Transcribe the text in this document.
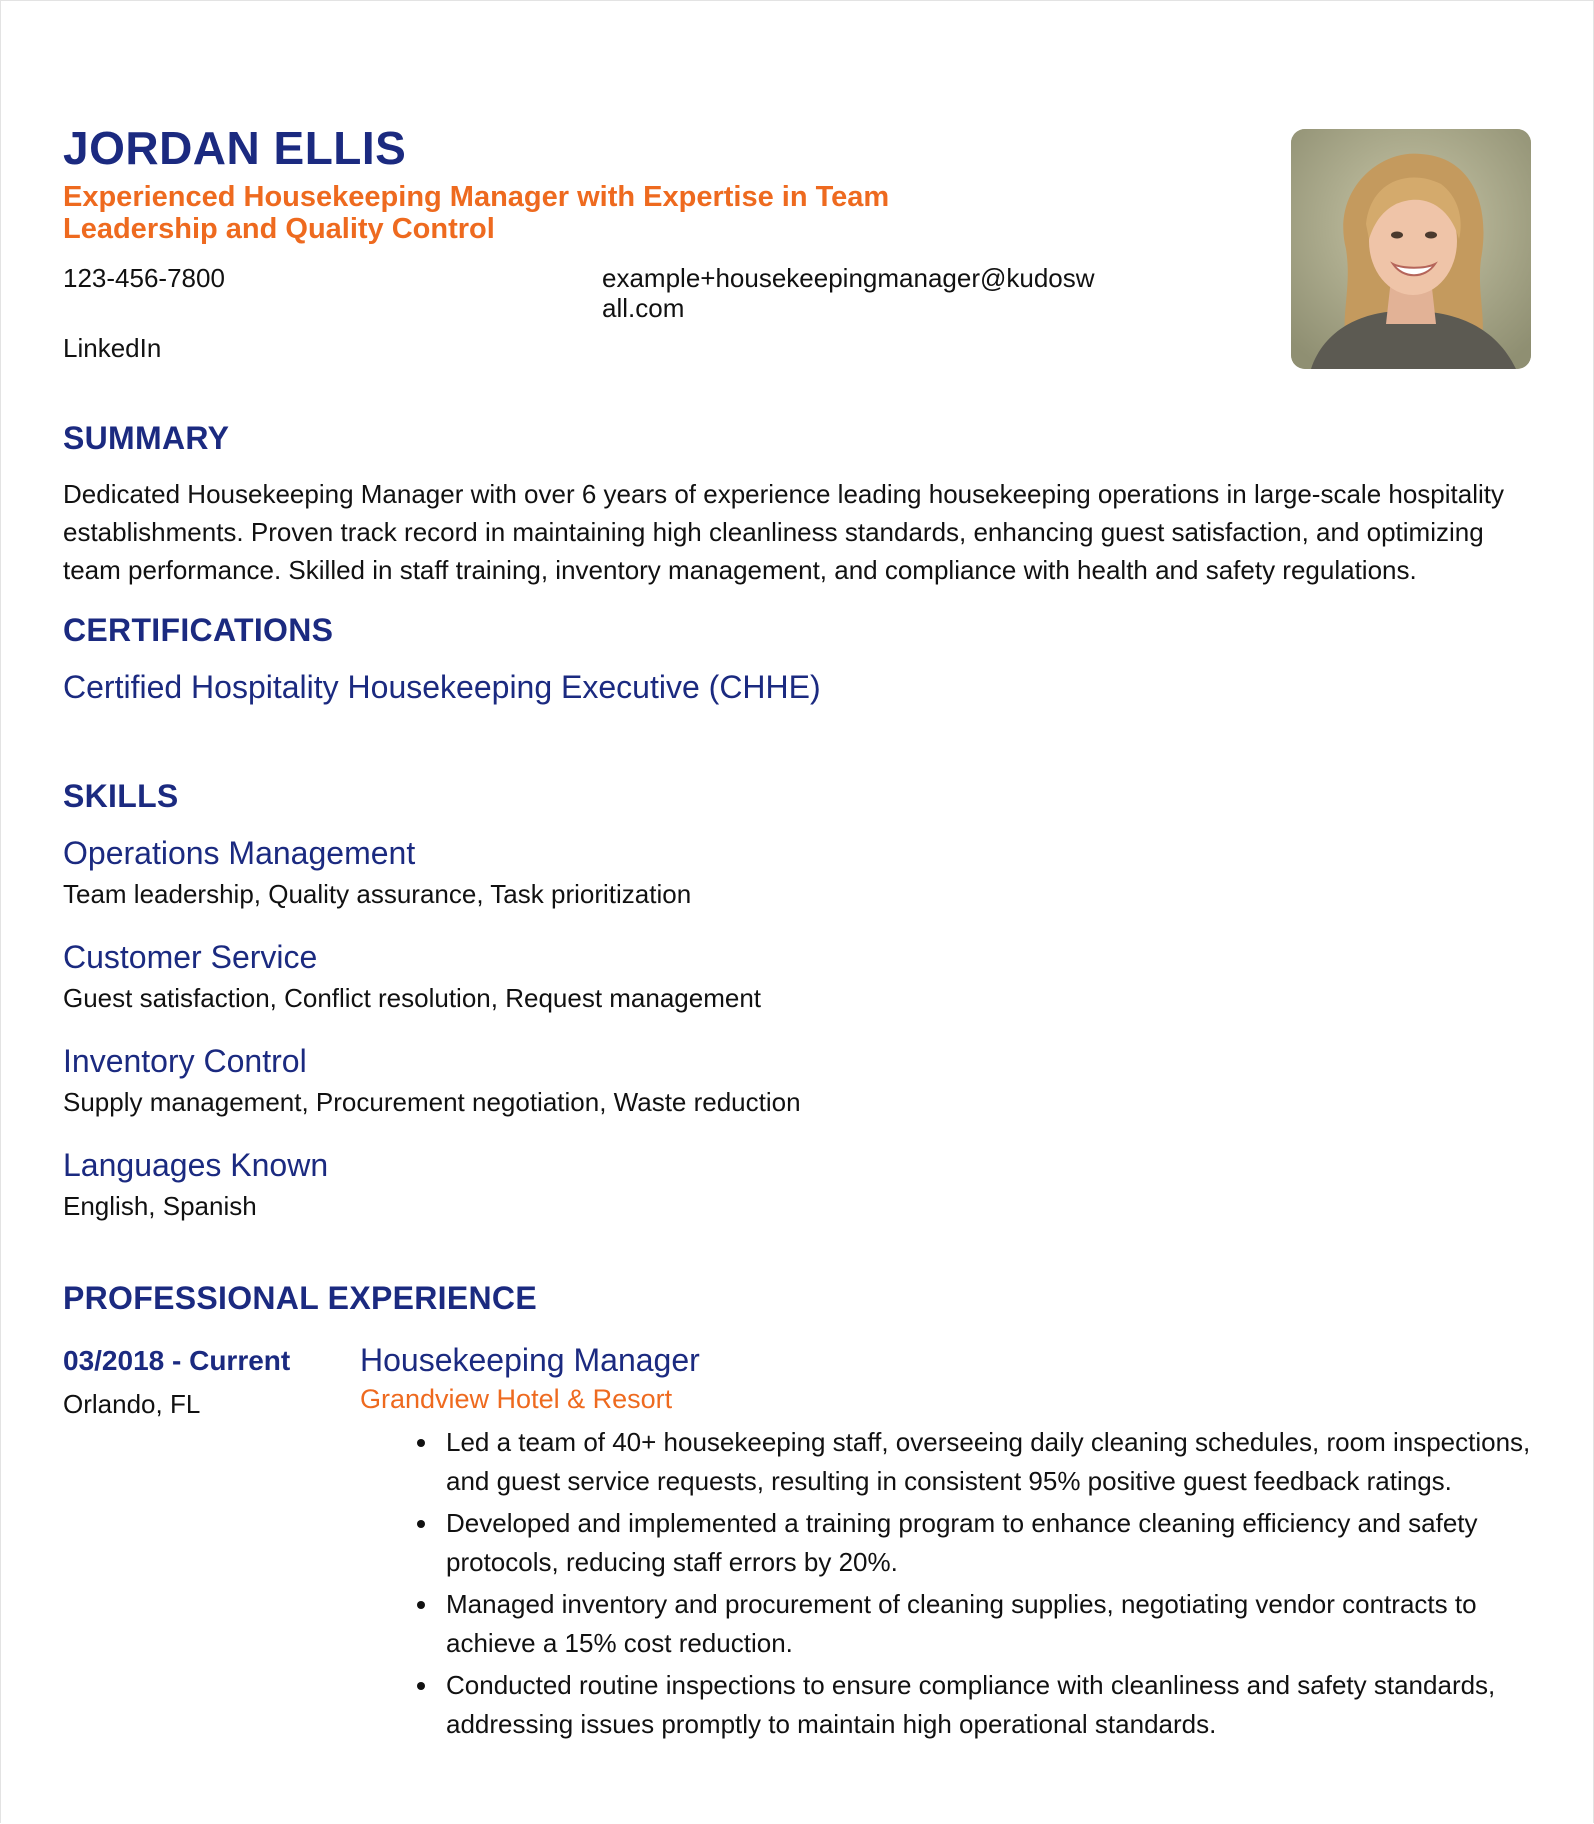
JORDAN ELLIS
Experienced Housekeeping Manager with Expertise in Team Leadership and Quality Control
123-456-7800	example+housekeepingmanager@kudoswall.com
LinkedIn
SUMMARY
Dedicated Housekeeping Manager with over 6 years of experience leading housekeeping operations in large-scale hospitality establishments. Proven track record in maintaining high cleanliness standards, enhancing guest satisfaction, and optimizing team performance. Skilled in staff training, inventory management, and compliance with health and safety regulations.
CERTIFICATIONS
Certified Hospitality Housekeeping Executive (CHHE)
SKILLS
Operations Management
Team leadership, Quality assurance, Task prioritization
Customer Service
Guest satisfaction, Conflict resolution, Request management
Inventory Control
Supply management, Procurement negotiation, Waste reduction
Languages Known
English, Spanish
PROFESSIONAL EXPERIENCE
03/2018 - Current
Orlando, FL
Housekeeping Manager
Grandview Hotel & Resort
• Led a team of 40+ housekeeping staff, overseeing daily cleaning schedules, room inspections, and guest service requests, resulting in consistent 95% positive guest feedback ratings.
• Developed and implemented a training program to enhance cleaning efficiency and safety protocols, reducing staff errors by 20%.
• Managed inventory and procurement of cleaning supplies, negotiating vendor contracts to achieve a 15% cost reduction.
• Conducted routine inspections to ensure compliance with cleanliness and safety standards, addressing issues promptly to maintain high operational standards.
